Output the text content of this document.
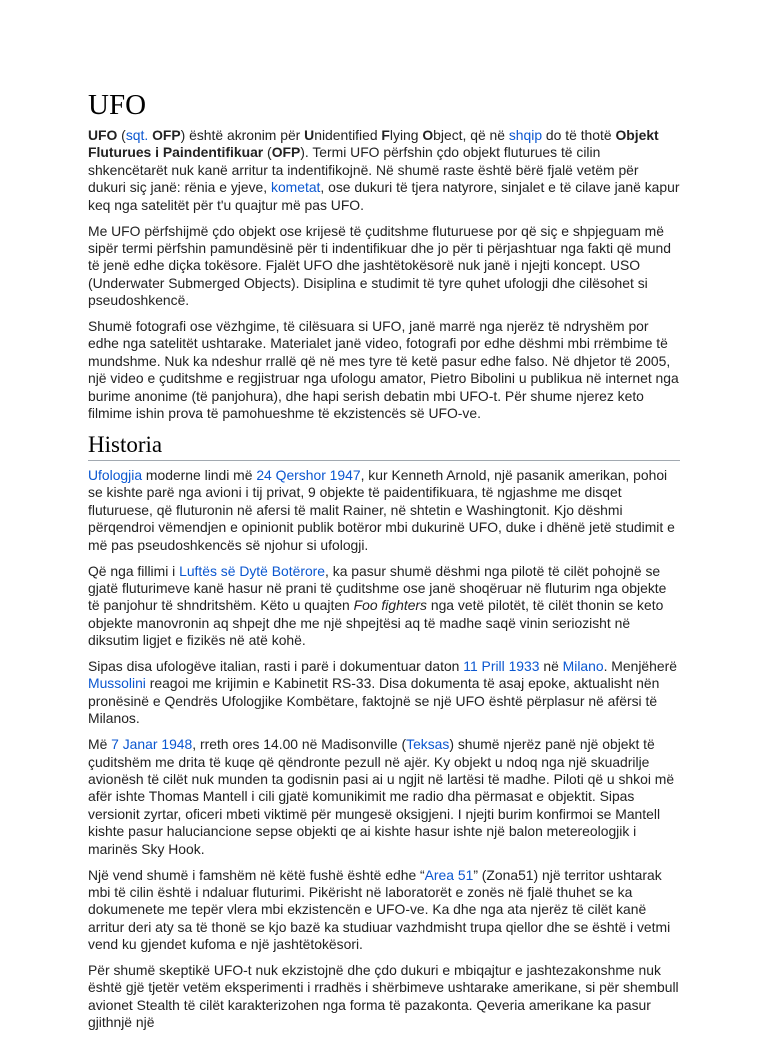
UFO

UFO (sqt. OFP) është akronim për Unidentified Flying Object, që në shqip do të thotë Objekt Fluturues i Paindentifikuar (OFP). Termi UFO përfshin çdo objekt fluturues të cilin shkencëtarët nuk kanë arritur ta indentifikojnë. Në shumë raste është bërë fjalë vetëm për dukuri siç janë: rënia e yjeve, kometat, ose dukuri të tjera natyrore, sinjalet e të cilave janë kapur keq nga satelitët për t'u quajtur më pas UFO.

Me UFO përfshijmë çdo objekt ose krijesë të çuditshme fluturuese por që siç e shpjeguam më sipër termi përfshin pamundësinë për ti indentifikuar dhe jo për ti përjashtuar nga fakti që mund të jenë edhe diçka tokësore. Fjalët UFO dhe jashtëtokësorë nuk janë i njejti koncept. USO (Underwater Submerged Objects). Disiplina e studimit të tyre quhet ufologji dhe cilësohet si pseudoshkencë.

Shumë fotografi ose vëzhgime, të cilësuara si UFO, janë marrë nga njerëz të ndryshëm por edhe nga satelitët ushtarake. Materialet janë video, fotografi por edhe dëshmi mbi rrëmbime të mundshme. Nuk ka ndeshur rrallë që në mes tyre të ketë pasur edhe falso. Në dhjetor të 2005, një video e çuditshme e regjistruar nga ufologu amator, Pietro Bibolini u publikua në internet nga burime anonime (të panjohura), dhe hapi serish debatin mbi UFO-t. Për shume njerez keto filmime ishin prova të pamohueshme të ekzistencës së UFO-ve.

Historia

Ufologjia moderne lindi më 24 Qershor 1947, kur Kenneth Arnold, një pasanik amerikan, pohoi se kishte parë nga avioni i tij privat, 9 objekte të paidentifikuara, të ngjashme me disqet fluturuese, që fluturonin në afersi të malit Rainer, në shtetin e Washingtonit. Kjo dëshmi përqendroi vëmendjen e opinionit publik botëror mbi dukurinë UFO, duke i dhënë jetë studimit e më pas pseudoshkencës së njohur si ufologji.

Që nga fillimi i Luftës së Dytë Botërore, ka pasur shumë dëshmi nga pilotë të cilët pohojnë se gjatë fluturimeve kanë hasur në prani të çuditshme ose janë shoqëruar në fluturim nga objekte të panjohur të shndritshëm. Këto u quajten Foo fighters nga vetë pilotët, të cilët thonin se keto objekte manovronin aq shpejt dhe me një shpejtësi aq të madhe saqë vinin seriozisht në diksutim ligjet e fizikës në atë kohë.

Sipas disa ufologëve italian, rasti i parë i dokumentuar daton 11 Prill 1933 në Milano. Menjëherë Mussolini reagoi me krijimin e Kabinetit RS-33. Disa dokumenta të asaj epoke, aktualisht nën pronësinë e Qendrës Ufologjike Kombëtare, faktojnë se një UFO është përplasur në afërsi të Milanos.

Më 7 Janar 1948, rreth ores 14.00 në Madisonville (Teksas) shumë njerëz panë një objekt të çuditshëm me drita të kuqe që qëndronte pezull në ajër. Ky objekt u ndoq nga një skuadrilje avionësh të cilët nuk munden ta godisnin pasi ai u ngjit në lartësi të madhe. Piloti që u shkoi më afër ishte Thomas Mantell i cili gjatë komunikimit me radio dha përmasat e objektit. Sipas versionit zyrtar, oficeri mbeti viktimë për mungesë oksigjeni. I njejti burim konfirmoi se Mantell kishte pasur haluciancione sepse objekti qe ai kishte hasur ishte një balon metereologjik i marinës Sky Hook.

Një vend shumë i famshëm në këtë fushë është edhe “Area 51” (Zona51) një territor ushtarak mbi të cilin është i ndaluar fluturimi. Pikërisht në laboratorët e zonës në fjalë thuhet se ka dokumenete me tepër vlera mbi ekzistencën e UFO-ve. Ka dhe nga ata njerëz të cilët kanë arritur deri aty sa të thonë se kjo bazë ka studiuar vazhdmisht trupa qiellor dhe se është i vetmi vend ku gjendet kufoma e një jashtëtokësori.

Për shumë skeptikë UFO-t nuk ekzistojnë dhe çdo dukuri e mbiqajtur e jashtezakonshme nuk është gjë tjetër vetëm eksperimenti i rradhës i shërbimeve ushtarake amerikane, si për shembull avionet Stealth të cilët karakterizohen nga forma të pazakonta. Qeveria amerikane ka pasur gjithnjë një
